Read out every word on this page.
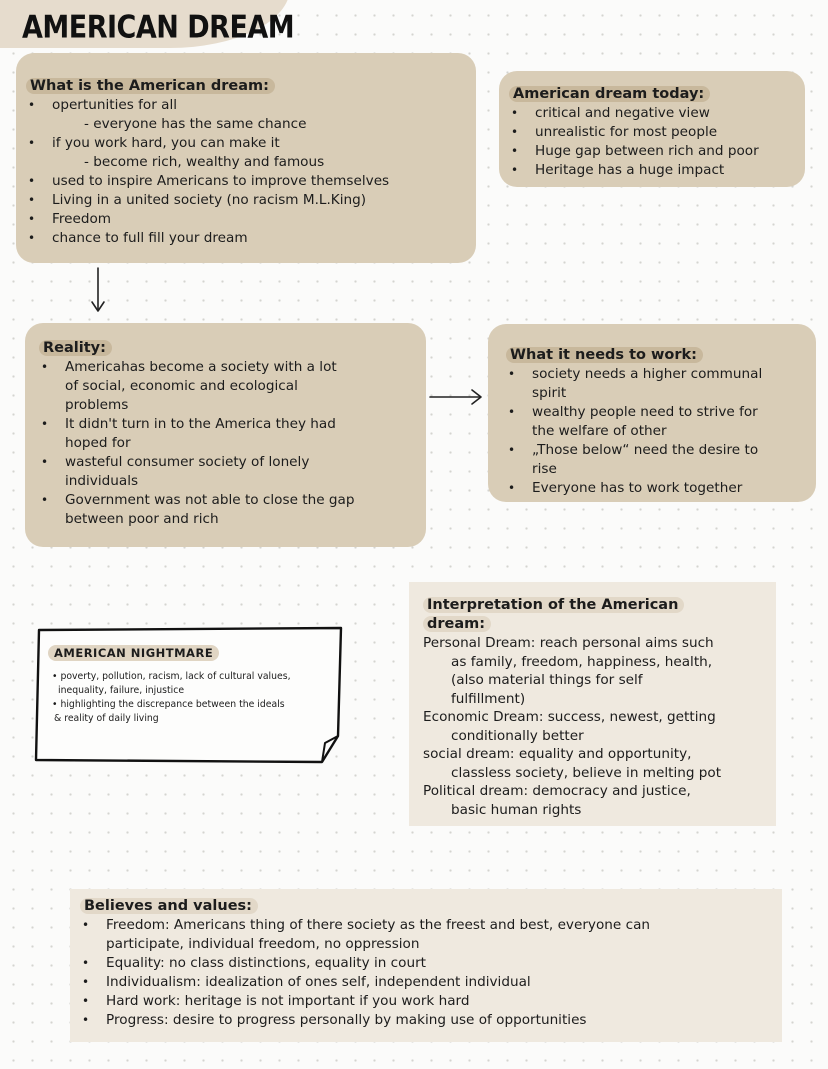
AMERICAN DREAM
What is the American dream:
• opertunities for all
- everyone has the same chance
• if you work hard, you can make it
- become rich, wealthy and famous
• used to inspire Americans to improve themselves
• Living in a united society (no racism M.L.King)
• Freedom
• chance to full fill your dream
American dream today:
• critical and negative view
• unrealistic for most people
• Huge gap between rich and poor
• Heritage has a huge impact
Reality:
• Americahas become a society with a lot
of social, economic and ecological
problems
• It didn't turn in to the America they had
hoped for
• wasteful consumer society of lonely
individuals
• Government was not able to close the gap
between poor and rich
What it needs to work:
• society needs a higher communal
spirit
• wealthy people need to strive for
the welfare of other
• „Those below“ need the desire to
rise
• Everyone has to work together
AMERICAN NIGHTMARE

• poverty, pollution, racism, lack of cultural values,
inequality, failure, injustice
• highlighting the discrepance between the ideals
& reality of daily living

Interpretation of the American
dream:

Personal Dream: reach personal aims such

as family, freedom, happiness, health,

(also material things for self

fulfillment)

Economic Dream: success, newest, getting

conditionally better

social dream: equality and opportunity,

classless society, believe in melting pot

Political dream: democracy and justice,

basic human rights

Believes and values:
• Freedom: Americans thing of there society as the freest and best, everyone can
participate, individual freedom, no oppression
• Equality: no class distinctions, equality in court
• Individualism: idealization of ones self, independent individual
• Hard work: heritage is not important if you work hard
• Progress: desire to progress personally by making use of opportunities
